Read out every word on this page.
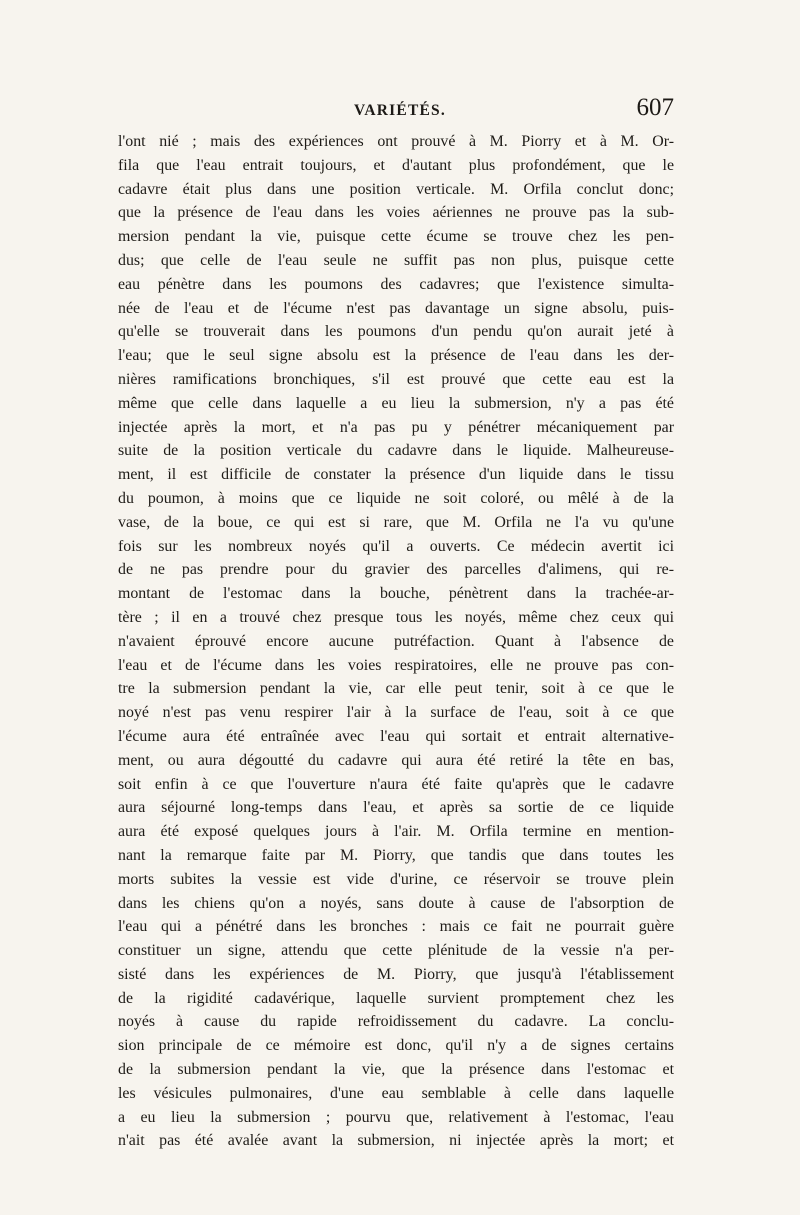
VARIÉTÉS.	607
l'ont nié ; mais des expériences ont prouvé à M. Piorry et à M. Or-
fila que l'eau entrait toujours, et d'autant plus profondément, que le
cadavre était plus dans une position verticale. M. Orfila conclut donc;
que la présence de l'eau dans les voies aériennes ne prouve pas la sub-
mersion pendant la vie, puisque cette écume se trouve chez les pen-
dus; que celle de l'eau seule ne suffit pas non plus, puisque cette
eau pénètre dans les poumons des cadavres; que l'existence simulta-
née de l'eau et de l'écume n'est pas davantage un signe absolu, puis-
qu'elle se trouverait dans les poumons d'un pendu qu'on aurait jeté à
l'eau; que le seul signe absolu est la présence de l'eau dans les der-
nières ramifications bronchiques, s'il est prouvé que cette eau est la
même que celle dans laquelle a eu lieu la submersion, n'y a pas été
injectée après la mort, et n'a pas pu y pénétrer mécaniquement par
suite de la position verticale du cadavre dans le liquide. Malheureuse-
ment, il est difficile de constater la présence d'un liquide dans le tissu
du poumon, à moins que ce liquide ne soit coloré, ou mêlé à de la
vase, de la boue, ce qui est si rare, que M. Orfila ne l'a vu qu'une
fois sur les nombreux noyés qu'il a ouverts. Ce médecin avertit ici
de ne pas prendre pour du gravier des parcelles d'alimens, qui re-
montant de l'estomac dans la bouche, pénètrent dans la trachée-ar-
tère ; il en a trouvé chez presque tous les noyés, même chez ceux qui
n'avaient éprouvé encore aucune putréfaction. Quant à l'absence de
l'eau et de l'écume dans les voies respiratoires, elle ne prouve pas con-
tre la submersion pendant la vie, car elle peut tenir, soit à ce que le
noyé n'est pas venu respirer l'air à la surface de l'eau, soit à ce que
l'écume aura été entraînée avec l'eau qui sortait et entrait alternative-
ment, ou aura dégoutté du cadavre qui aura été retiré la tête en bas,
soit enfin à ce que l'ouverture n'aura été faite qu'après que le cadavre
aura séjourné long-temps dans l'eau, et après sa sortie de ce liquide
aura été exposé quelques jours à l'air. M. Orfila termine en mention-
nant la remarque faite par M. Piorry, que tandis que dans toutes les
morts subites la vessie est vide d'urine, ce réservoir se trouve plein
dans les chiens qu'on a noyés, sans doute à cause de l'absorption de
l'eau qui a pénétré dans les bronches : mais ce fait ne pourrait guère
constituer un signe, attendu que cette plénitude de la vessie n'a per-
sisté dans les expériences de M. Piorry, que jusqu'à l'établissement
de la rigidité cadavérique, laquelle survient promptement chez les
noyés à cause du rapide refroidissement du cadavre. La conclu-
sion principale de ce mémoire est donc, qu'il n'y a de signes certains
de la submersion pendant la vie, que la présence dans l'estomac et
les vésicules pulmonaires, d'une eau semblable à celle dans laquelle
a eu lieu la submersion ; pourvu que, relativement à l'estomac, l'eau
n'ait pas été avalée avant la submersion, ni injectée après la mort; et
